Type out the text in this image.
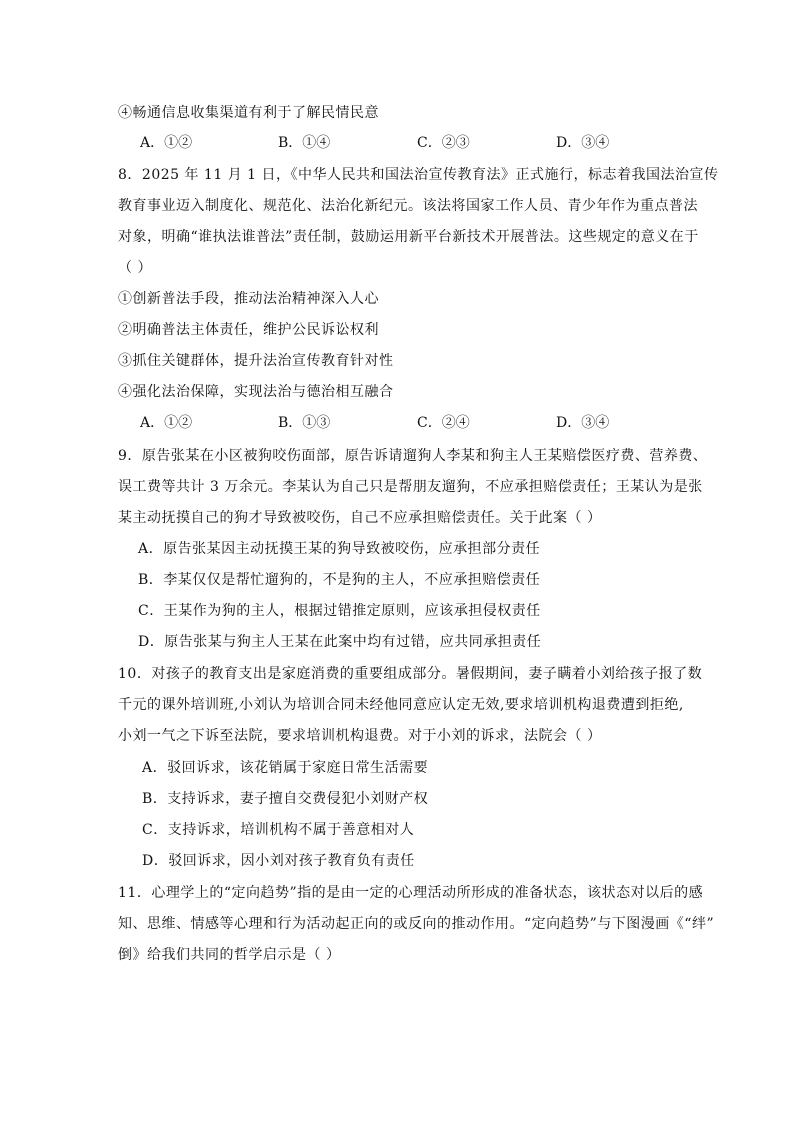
④畅通信息收集渠道有利于了解民情民意
A．①②	B．①④	C．②③	D．③④
8．2025 年 11 月 1 日，《中华人民共和国法治宣传教育法》正式施行，标志着我国法治宣传
教育事业迈入制度化、规范化、法治化新纪元。该法将国家工作人员、青少年作为重点普法
对象，明确“谁执法谁普法”责任制，鼓励运用新平台新技术开展普法。这些规定的意义在于
（ ）
①创新普法手段，推动法治精神深入人心
②明确普法主体责任，维护公民诉讼权利
③抓住关键群体，提升法治宣传教育针对性
④强化法治保障，实现法治与德治相互融合
A．①②	B．①③	C．②④	D．③④
9．原告张某在小区被狗咬伤面部，原告诉请遛狗人李某和狗主人王某赔偿医疗费、营养费、
误工费等共计 3 万余元。李某认为自己只是帮朋友遛狗，不应承担赔偿责任；王某认为是张
某主动抚摸自己的狗才导致被咬伤，自己不应承担赔偿责任。关于此案（ ）
A．原告张某因主动抚摸王某的狗导致被咬伤，应承担部分责任
B．李某仅仅是帮忙遛狗的，不是狗的主人，不应承担赔偿责任
C．王某作为狗的主人，根据过错推定原则，应该承担侵权责任
D．原告张某与狗主人王某在此案中均有过错，应共同承担责任
10．对孩子的教育支出是家庭消费的重要组成部分。暑假期间，妻子瞒着小刘给孩子报了数
千元的课外培训班,小刘认为培训合同未经他同意应认定无效,要求培训机构退费遭到拒绝,
小刘一气之下诉至法院，要求培训机构退费。对于小刘的诉求，法院会（ ）
A．驳回诉求，该花销属于家庭日常生活需要
B．支持诉求，妻子擅自交费侵犯小刘财产权
C．支持诉求，培训机构不属于善意相对人
D．驳回诉求，因小刘对孩子教育负有责任
11．心理学上的“定向趋势”指的是由一定的心理活动所形成的准备状态，该状态对以后的感
知、思维、情感等心理和行为活动起正向的或反向的推动作用。“定向趋势”与下图漫画《“绊”
倒》给我们共同的哲学启示是（ ）
